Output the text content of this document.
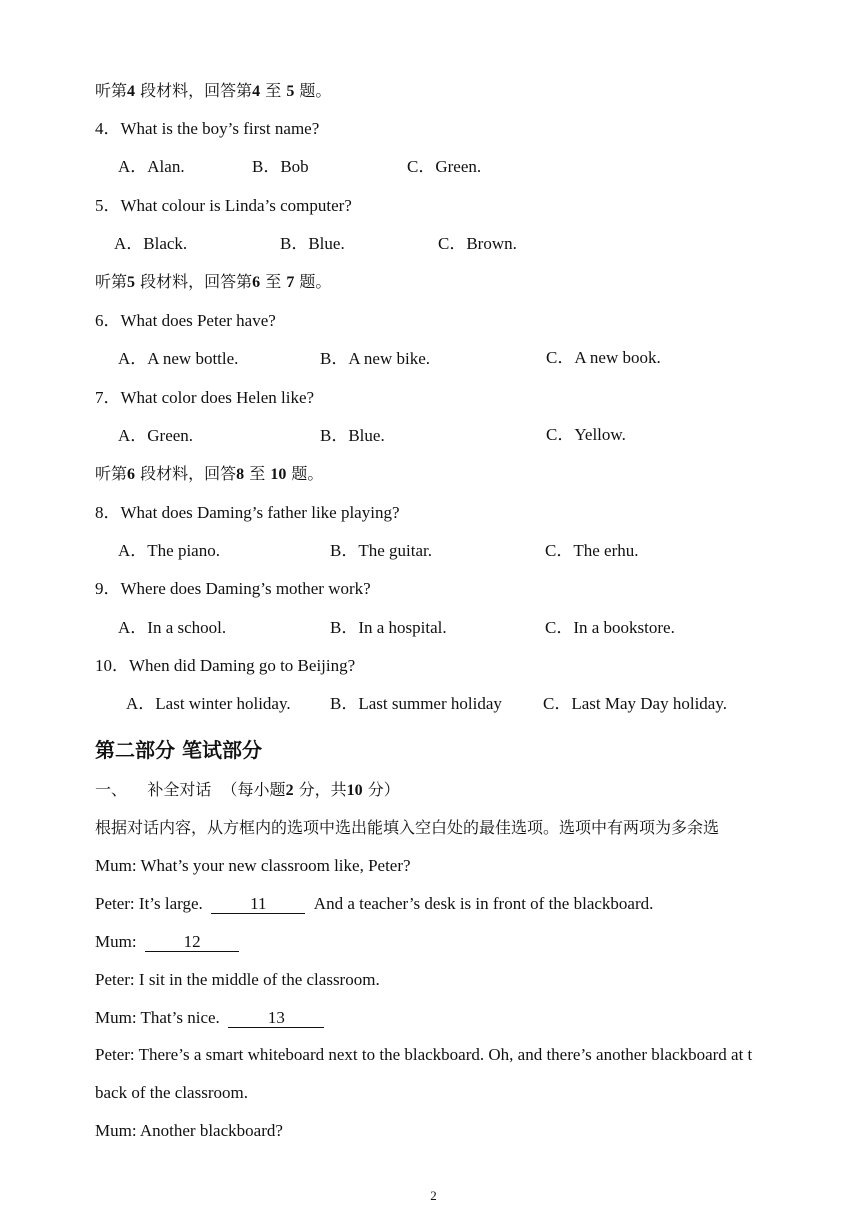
听第4 段材料，回答第4 至 5 题。
4．What is the boy’s first name?
A．Alan.	B．Bob	C．Green.
5．What colour is Linda’s computer?
A．Black.	B．Blue.	C．Brown.
听第5 段材料，回答第6 至 7 题。
6．What does Peter have?
A．A new bottle.	B．A new bike.	C．A new book.
7．What color does Helen like?
A．Green.	B．Blue.	C．Yellow.
听第6 段材料，回答8 至 10 题。
8．What does Daming’s father like playing?
A．The piano.	B．The guitar.	C．The erhu.
9．Where does Daming’s mother work?
A．In a school.	B．In a hospital.	C．In a bookstore.
10．When did Daming go to Beijing?
A．Last winter holiday. B．Last summer holiday C．Last May Day holiday.
第二部分 笔试部分
一、 补全对话 （每小题2 分，共10 分）
根据对话内容，从方框内的选项中选出能填入空白处的最佳选项。选项中有两项为多余选
Mum: What’s your new classroom like, Peter?
Peter: It’s large.	11	And a teacher’s desk is in front of the blackboard.
Mum:	12
Peter: I sit in the middle of the classroom.
Mum: That’s nice.	13
Peter: There’s a smart whiteboard next to the blackboard. Oh, and there’s another blackboard at t
back of the classroom.
Mum: Another blackboard?
2
